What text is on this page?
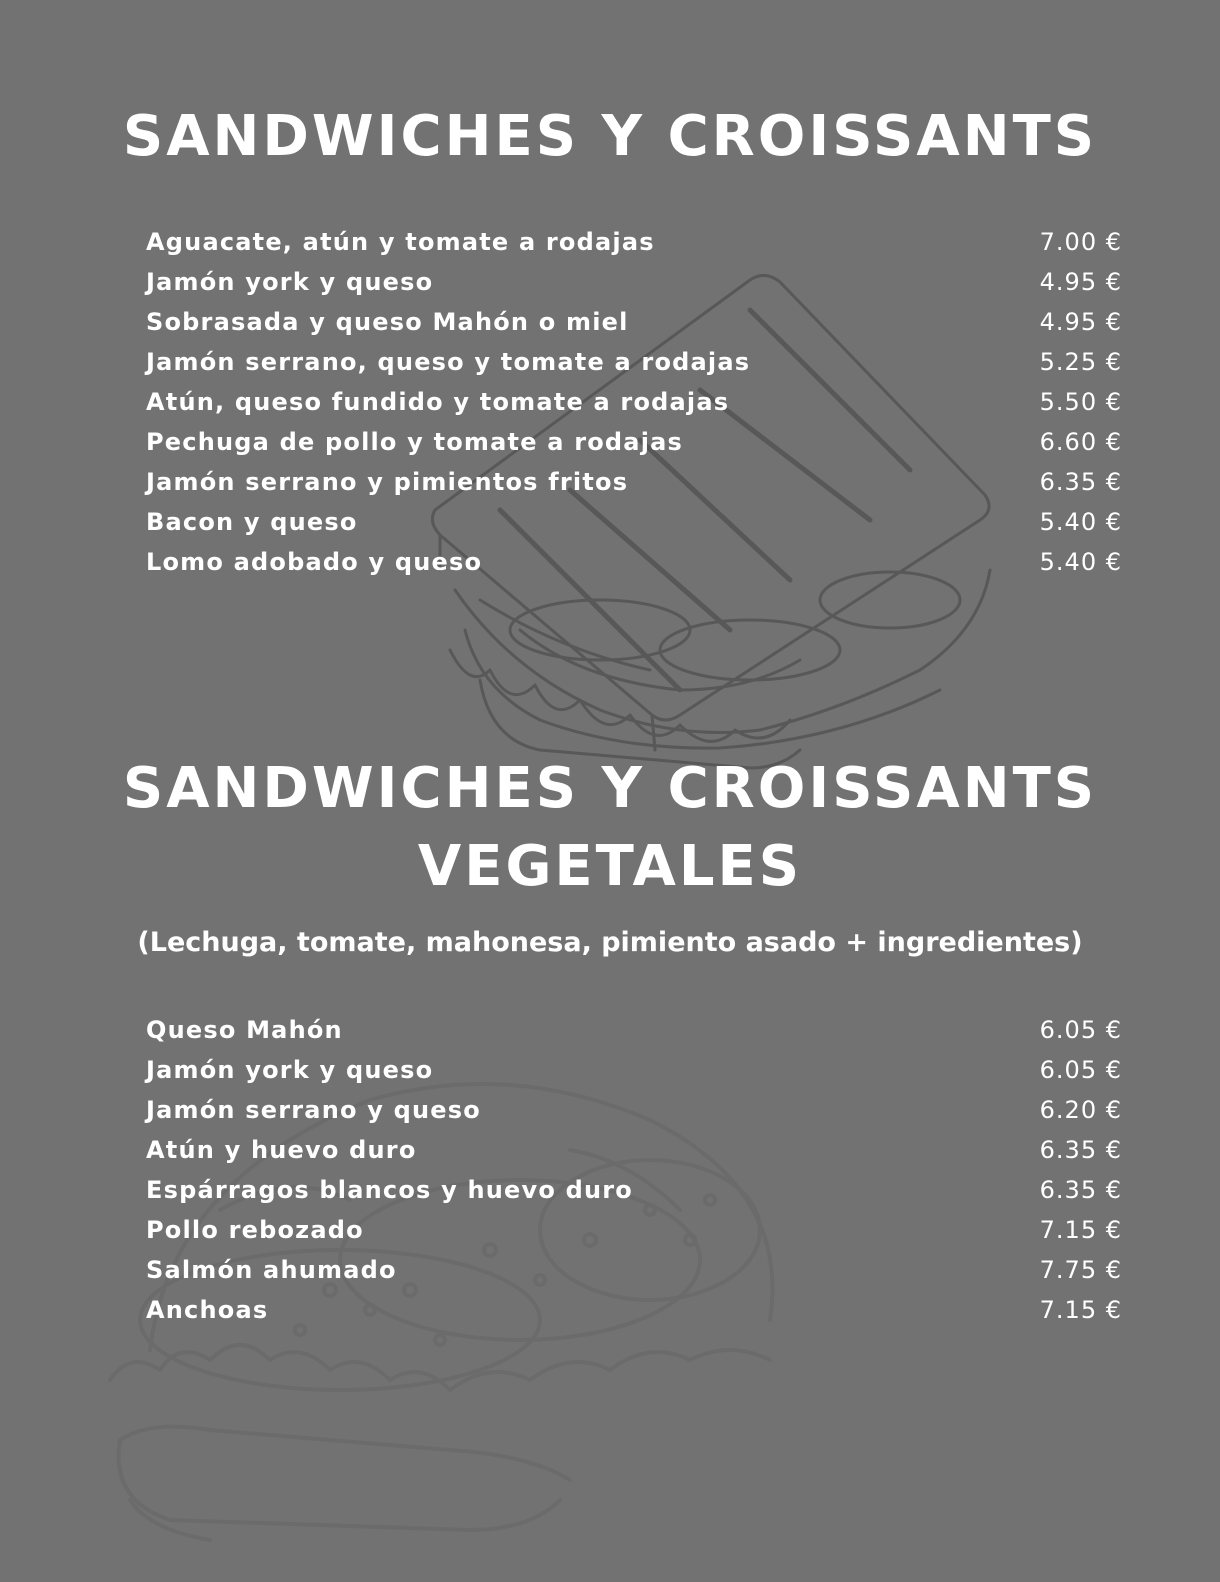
SANDWICHES Y CROISSANTS
Aguacate, atún y tomate a rodajas	7.00 €
Jamón york y queso	4.95 €
Sobrasada y queso Mahón o miel	4.95 €
Jamón serrano, queso y tomate a rodajas	5.25 €
Atún, queso fundido y tomate a rodajas	5.50 €
Pechuga de pollo y tomate a rodajas	6.60 €
Jamón serrano y pimientos fritos	6.35 €
Bacon y queso	5.40 €
Lomo adobado y queso	5.40 €
SANDWICHES Y CROISSANTS
VEGETALES
(Lechuga, tomate, mahonesa, pimiento asado + ingredientes)
Queso Mahón	6.05 €
Jamón york y queso	6.05 €
Jamón serrano y queso	6.20 €
Atún y huevo duro	6.35 €
Espárragos blancos y huevo duro	6.35 €
Pollo rebozado	7.15 €
Salmón ahumado	7.75 €
Anchoas	7.15 €
